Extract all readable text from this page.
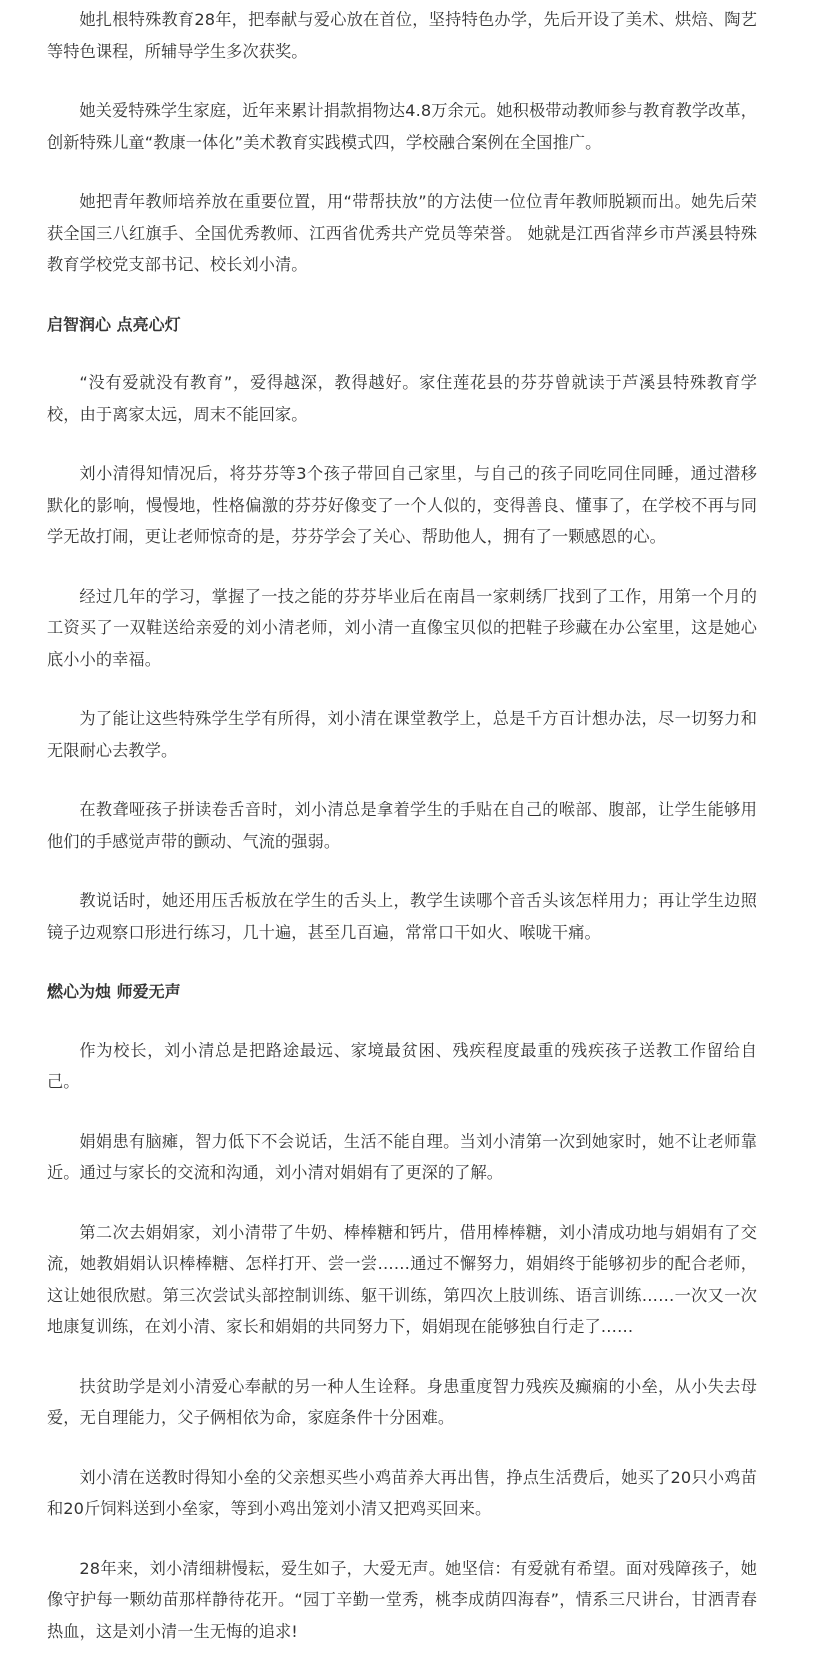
她扎根特殊教育28年，把奉献与爱心放在首位，坚持特色办学，先后开设了美术、烘焙、陶艺等特色课程，所辅导学生多次获奖。

她关爱特殊学生家庭，近年来累计捐款捐物达4.8万余元。她积极带动教师参与教育教学改革，创新特殊儿童“教康一体化”美术教育实践模式四，学校融合案例在全国推广。

她把青年教师培养放在重要位置，用“带帮扶放”的方法使一位位青年教师脱颖而出。她先后荣获全国三八红旗手、全国优秀教师、江西省优秀共产党员等荣誉。 她就是江西省萍乡市芦溪县特殊教育学校党支部书记、校长刘小清。

启智润心 点亮心灯

“没有爱就没有教育”，爱得越深，教得越好。家住莲花县的芬芬曾就读于芦溪县特殊教育学校，由于离家太远，周末不能回家。

刘小清得知情况后，将芬芬等3个孩子带回自己家里，与自己的孩子同吃同住同睡，通过潜移默化的影响，慢慢地，性格偏激的芬芬好像变了一个人似的，变得善良、懂事了，在学校不再与同学无故打闹，更让老师惊奇的是，芬芬学会了关心、帮助他人，拥有了一颗感恩的心。

经过几年的学习，掌握了一技之能的芬芬毕业后在南昌一家刺绣厂找到了工作，用第一个月的工资买了一双鞋送给亲爱的刘小清老师，刘小清一直像宝贝似的把鞋子珍藏在办公室里，这是她心底小小的幸福。

为了能让这些特殊学生学有所得，刘小清在课堂教学上，总是千方百计想办法，尽一切努力和无限耐心去教学。

在教聋哑孩子拼读卷舌音时，刘小清总是拿着学生的手贴在自己的喉部、腹部，让学生能够用他们的手感觉声带的颤动、气流的强弱。

教说话时，她还用压舌板放在学生的舌头上，教学生读哪个音舌头该怎样用力；再让学生边照镜子边观察口形进行练习，几十遍，甚至几百遍，常常口干如火、喉咙干痛。

燃心为烛 师爱无声

作为校长，刘小清总是把路途最远、家境最贫困、残疾程度最重的残疾孩子送教工作留给自己。

娟娟患有脑瘫，智力低下不会说话，生活不能自理。当刘小清第一次到她家时，她不让老师靠近。通过与家长的交流和沟通，刘小清对娟娟有了更深的了解。

第二次去娟娟家，刘小清带了牛奶、棒棒糖和钙片，借用棒棒糖，刘小清成功地与娟娟有了交流，她教娟娟认识棒棒糖、怎样打开、尝一尝……通过不懈努力，娟娟终于能够初步的配合老师，这让她很欣慰。第三次尝试头部控制训练、躯干训练，第四次上肢训练、语言训练……一次又一次地康复训练，在刘小清、家长和娟娟的共同努力下，娟娟现在能够独自行走了……

扶贫助学是刘小清爱心奉献的另一种人生诠释。身患重度智力残疾及癫痫的小垒，从小失去母爱，无自理能力，父子俩相依为命，家庭条件十分困难。

刘小清在送教时得知小垒的父亲想买些小鸡苗养大再出售，挣点生活费后，她买了20只小鸡苗和20斤饲料送到小垒家，等到小鸡出笼刘小清又把鸡买回来。

28年来，刘小清细耕慢耘，爱生如子，大爱无声。她坚信：有爱就有希望。面对残障孩子，她像守护每一颗幼苗那样静待花开。“园丁辛勤一堂秀，桃李成荫四海春”，情系三尺讲台，甘洒青春热血，这是刘小清一生无悔的追求!
